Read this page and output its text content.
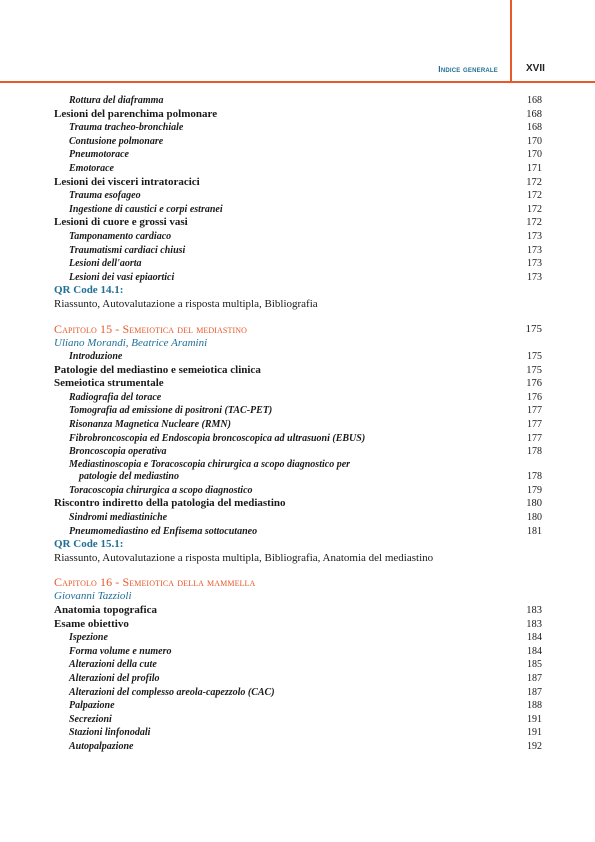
Indice generale	XVII
Rottura del diaframma	168
Lesioni del parenchima polmonare	168
Trauma tracheo-bronchiale	168
Contusione polmonare	170
Pneumotorace	170
Emotorace	171
Lesioni dei visceri intratoracici	172
Trauma esofageo	172
Ingestione di caustici e corpi estranei	172
Lesioni di cuore e grossi vasi	172
Tamponamento cardiaco	173
Traumatismi cardiaci chiusi	173
Lesioni dell'aorta	173
Lesioni dei vasi epiaortici	173
QR Code 14.1:
Riassunto, Autovalutazione a risposta multipla, Bibliografia
Capitolo 15 - Semeiotica del mediastino	175
Uliano Morandi, Beatrice Aramini
Introduzione	175
Patologie del mediastino e semeiotica clinica	175
Semeiotica strumentale	176
Radiografia del torace	176
Tomografia ad emissione di positroni (TAC-PET)	177
Risonanza Magnetica Nucleare (RMN)	177
Fibrobroncoscopia ed Endoscopia broncoscopica ad ultrasuoni (EBUS)	177
Broncoscopia operativa	178
Mediastinoscopia e Toracoscopia chirurgica a scopo diagnostico per
patologie del mediastino	178
Toracoscopia chirurgica a scopo diagnostico	179
Riscontro indiretto della patologia del mediastino	180
Sindromi mediastiniche	180
Pneumomediastino ed Enfisema sottocutaneo	181
QR Code 15.1:
Riassunto, Autovalutazione a risposta multipla, Bibliografia, Anatomia del mediastino
Capitolo 16 - Semeiotica della mammella
Giovanni Tazzioli
Anatomia topografica	183
Esame obiettivo	183
Ispezione	184
Forma volume e numero	184
Alterazioni della cute	185
Alterazioni del profilo	187
Alterazioni del complesso areola-capezzolo (CAC)	187
Palpazione	188
Secrezioni	191
Stazioni linfonodali	191
Autopalpazione	192
